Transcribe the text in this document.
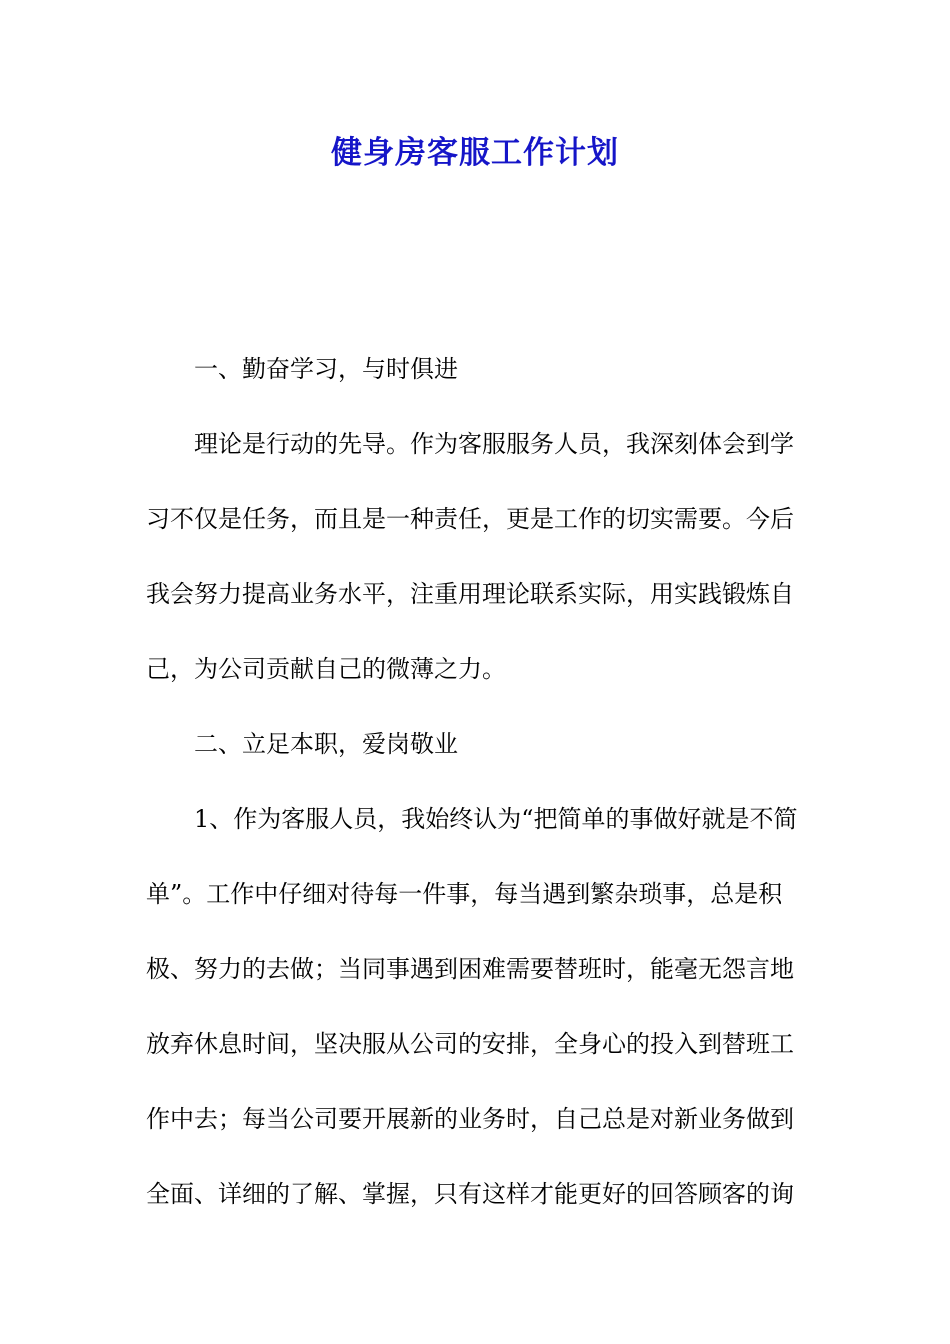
健身房客服工作计划
一、勤奋学习，与时俱进
理论是行动的先导。作为客服服务人员，我深刻体会到学
习不仅是任务，而且是一种责任，更是工作的切实需要。今后
我会努力提高业务水平，注重用理论联系实际，用实践锻炼自
己，为公司贡献自己的微薄之力。
二、立足本职，爱岗敬业
1、作为客服人员，我始终认为“把简单的事做好就是不简
单”。工作中仔细对待每一件事，每当遇到繁杂琐事，总是积
极、努力的去做；当同事遇到困难需要替班时，能毫无怨言地
放弃休息时间，坚决服从公司的安排，全身心的投入到替班工
作中去；每当公司要开展新的业务时，自己总是对新业务做到
全面、详细的了解、掌握，只有这样才能更好的回答顾客的询
